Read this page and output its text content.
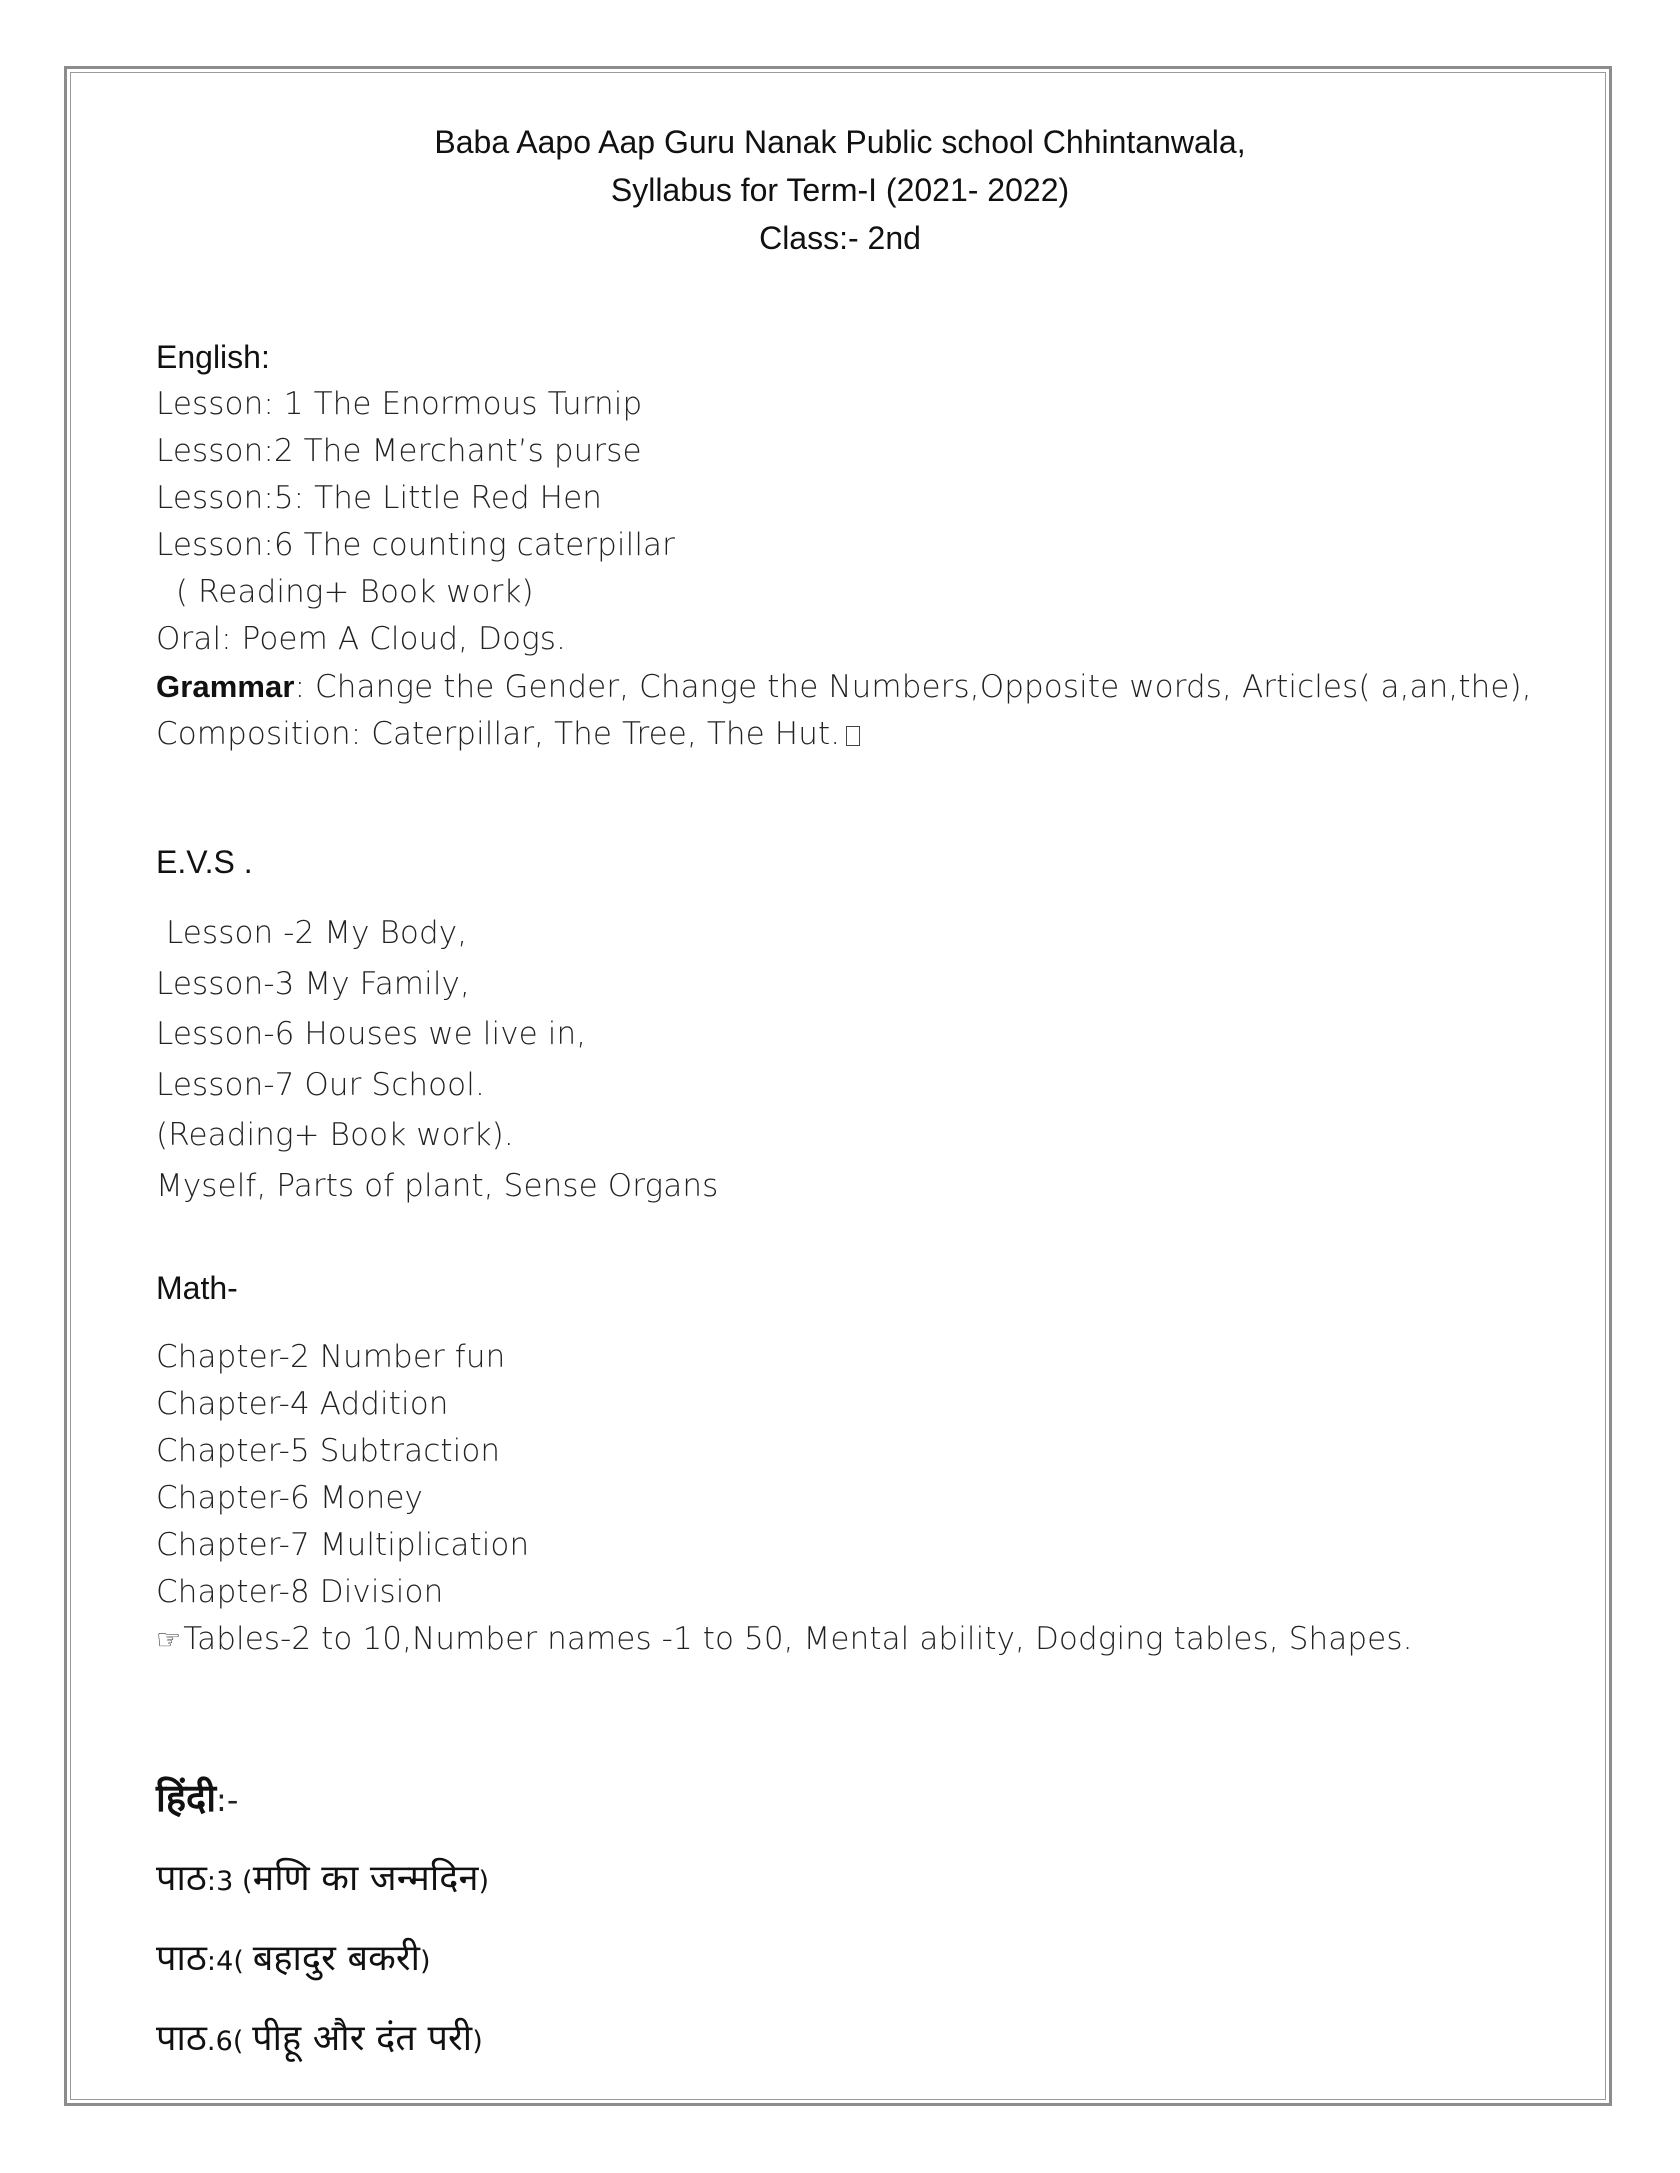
Baba Aapo Aap Guru Nanak Public school Chhintanwala,
Syllabus for Term-I (2021- 2022)
Class:- 2nd
English:
Lesson: 1 The Enormous Turnip
Lesson:2 The Merchant’s purse
Lesson:5: The Little Red Hen
Lesson:6 The counting caterpillar
( Reading+ Book work)
Oral: Poem A Cloud, Dogs.
Grammar: Change the Gender, Change the Numbers,Opposite words, Articles( a,an,the),
Composition: Caterpillar, The Tree, The Hut.
E.V.S .
Lesson -2 My Body,
Lesson-3 My Family,
Lesson-6 Houses we live in,
Lesson-7 Our School.
(Reading+ Book work).
Myself, Parts of plant, Sense Organs
Math-
Chapter-2 Number fun
Chapter-4 Addition
Chapter-5 Subtraction
Chapter-6 Money
Chapter-7 Multiplication
Chapter-8 Division
☞Tables-2 to 10,Number names -1 to 50, Mental ability, Dodging tables, Shapes.
हिंदी:-
पाठ:3 (मणि का जन्मदिन)
पाठ:4( बहादुर बकरी)
पाठ.6( पीहू और दंत परी)
